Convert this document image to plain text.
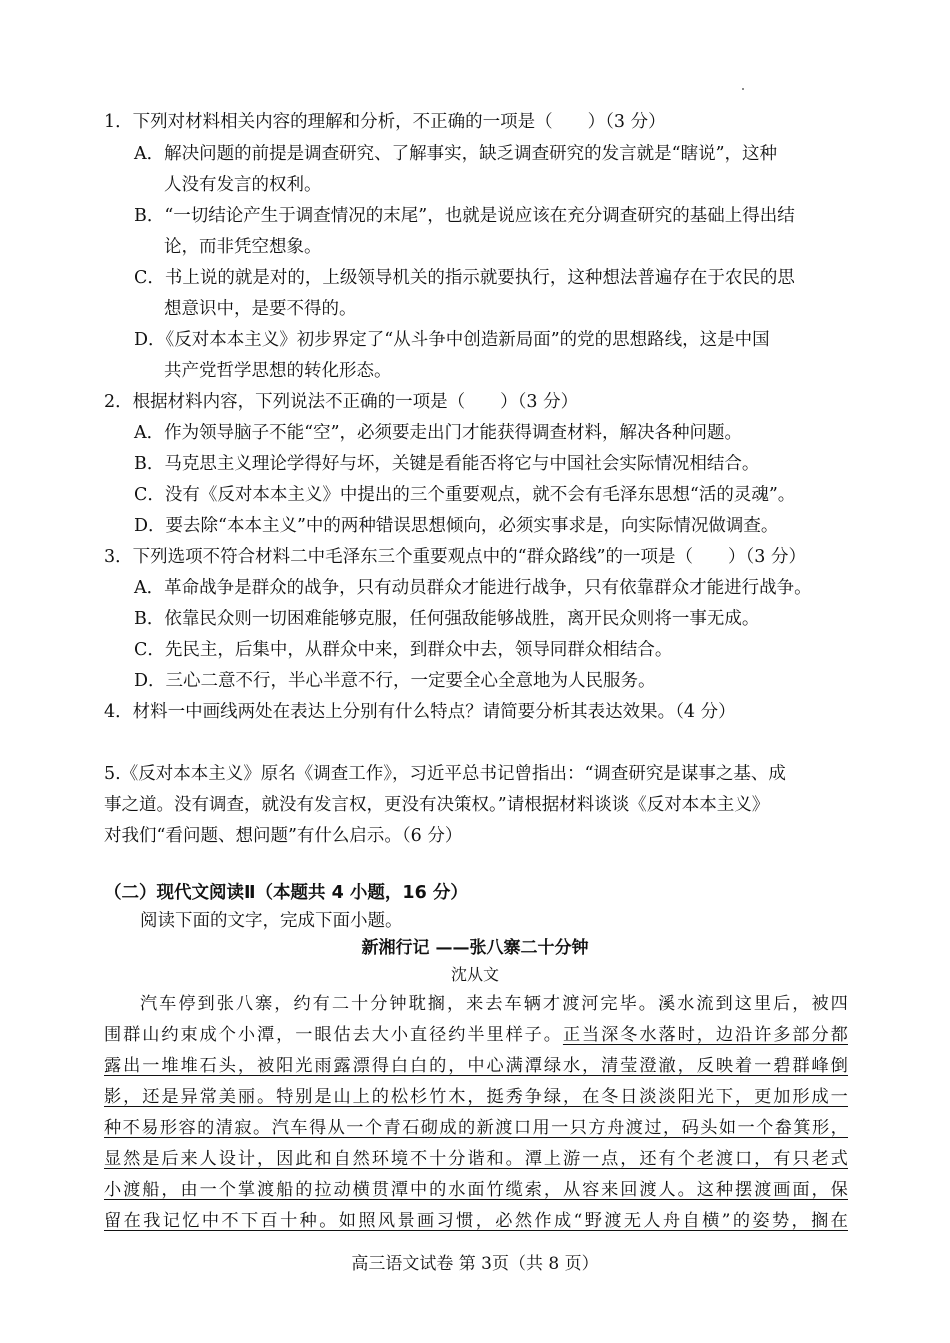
1．下列对材料相关内容的理解和分析，不正确的一项是（　　）（3 分）
A．解决问题的前提是调查研究、了解事实，缺乏调查研究的发言就是“瞎说”，这种
人没有发言的权利。
B．“一切结论产生于调查情况的末尾”，也就是说应该在充分调查研究的基础上得出结
论，而非凭空想象。
C．书上说的就是对的，上级领导机关的指示就要执行，这种想法普遍存在于农民的思
想意识中，是要不得的。
D．《反对本本主义》初步界定了“从斗争中创造新局面”的党的思想路线，这是中国
共产党哲学思想的转化形态。
2．根据材料内容，下列说法不正确的一项是（　　）（3 分）
A．作为领导脑子不能“空”，必须要走出门才能获得调查材料，解决各种问题。
B．马克思主义理论学得好与坏，关键是看能否将它与中国社会实际情况相结合。
C．没有《反对本本主义》中提出的三个重要观点，就不会有毛泽东思想“活的灵魂”。
D．要去除“本本主义”中的两种错误思想倾向，必须实事求是，向实际情况做调查。
3．下列选项不符合材料二中毛泽东三个重要观点中的“群众路线”的一项是（　　）（3 分）
A．革命战争是群众的战争，只有动员群众才能进行战争，只有依靠群众才能进行战争。
B．依靠民众则一切困难能够克服，任何强敌能够战胜，离开民众则将一事无成。
C．先民主，后集中，从群众中来，到群众中去，领导同群众相结合。
D．三心二意不行，半心半意不行，一定要全心全意地为人民服务。
4．材料一中画线两处在表达上分别有什么特点？请简要分析其表达效果。（4 分）
5.《反对本本主义》原名《调查工作》，习近平总书记曾指出：“调查研究是谋事之基、成
事之道。没有调查，就没有发言权，更没有决策权。”请根据材料谈谈《反对本本主义》
对我们“看问题、想问题”有什么启示。（6 分）
（二）现代文阅读Ⅱ（本题共 4 小题，16 分）
阅读下面的文字，完成下面小题。
新湘行记 ——张八寨二十分钟
沈从文
汽车停到张八寨，约有二十分钟耽搁，来去车辆才渡河完毕。溪水流到这里后，被四
围群山约束成个小潭，一眼估去大小直径约半里样子。正当深冬水落时，边沿许多部分都
露出一堆堆石头，被阳光雨露漂得白白的，中心满潭绿水，清莹澄澈，反映着一碧群峰倒
影，还是异常美丽。特别是山上的松杉竹木，挺秀争绿，在冬日淡淡阳光下，更加形成一
种不易形容的清寂。汽车得从一个青石砌成的新渡口用一只方舟渡过，码头如一个畚箕形，
显然是后来人设计，因此和自然环境不十分谐和。潭上游一点，还有个老渡口，有只老式
小渡船，由一个掌渡船的拉动横贯潭中的水面竹缆索，从容来回渡人。这种摆渡画面，保
留在我记忆中不下百十种。如照风景画习惯，必然作成“野渡无人舟自横”的姿势，搁在
高三语文试卷 第 3页（共 8 页）
